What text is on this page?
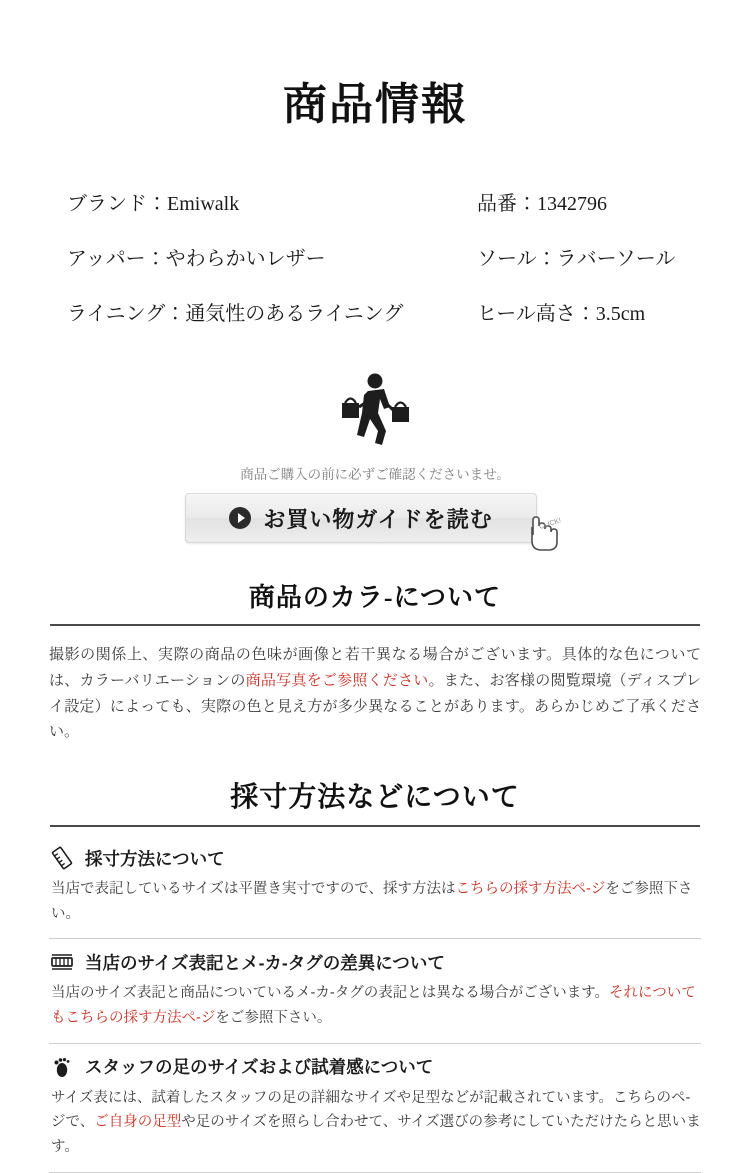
商品情報
ブランド：Emiwalk	品番：1342796
アッパー：やわらかいレザー	ソール：ラバーソール
ライニング：通気性のあるライニング	ヒール高さ：3.5cm
商品ご購入の前に必ずご確認くださいませ。
お買い物ガイドを読む	CLICK!
商品のカラ-について

撮影の関係上、実際の商品の色味が画像と若干異なる場合がございます。具体的な色については、カラーバリエーションの商品写真をご参照ください。また、お客様の閲覧環境（ディスプレイ設定）によっても、実際の色と見え方が多少異なることがあります。あらかじめご了承ください。

採寸方法などについて
採寸方法について
当店で表記しているサイズは平置き実寸ですので、採す方法はこちらの採す方法ペ-ジをご参照下さい。
当店のサイズ表記とメ-カ-タグの差異について
当店のサイズ表記と商品についているメ-カ-タグの表記とは異なる場合がございます。それについてもこちらの採す方法ペ-ジをご参照下さい。
スタッフの足のサイズおよび試着感について
サイズ表には、試着したスタッフの足の詳細なサイズや足型などが記載されています。こちらのペ-ジで、ご自身の足型や足のサイズを照らし合わせて、サイズ選びの参考にしていただけたらと思います。
